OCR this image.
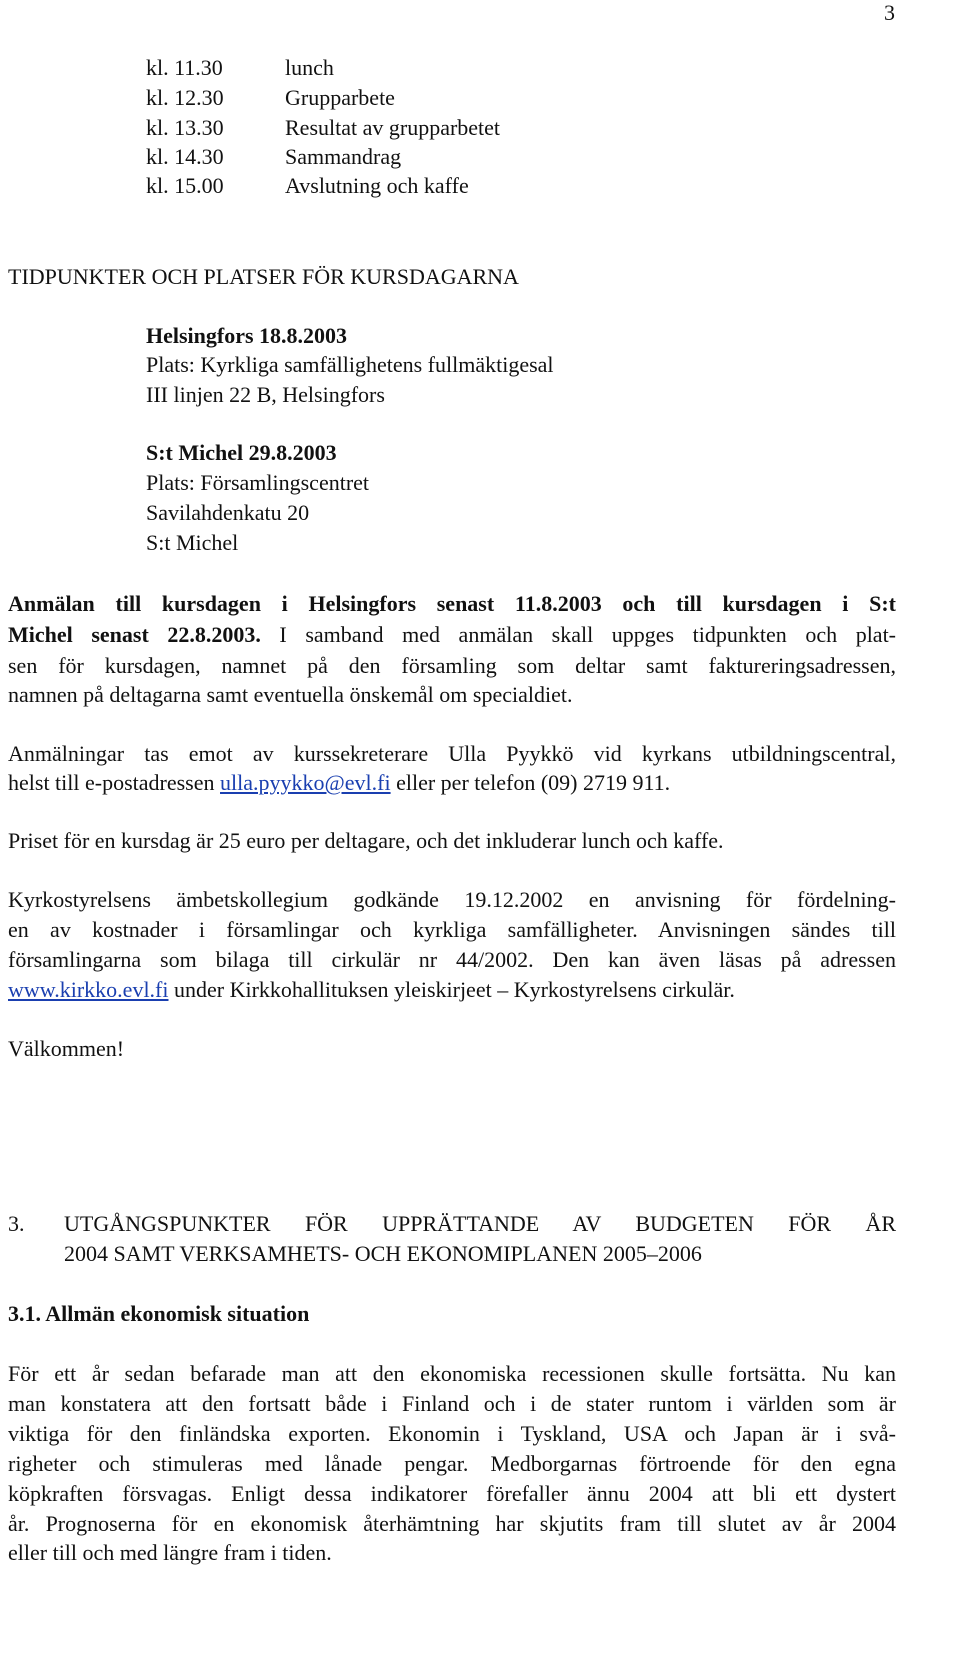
3
kl. 11.30	lunch
kl. 12.30	Grupparbete
kl. 13.30	Resultat av grupparbetet
kl. 14.30	Sammandrag
kl. 15.00	Avslutning och kaffe
TIDPUNKTER OCH PLATSER FÖR KURSDAGARNA
Helsingfors 18.8.2003
Plats: Kyrkliga samfällighetens fullmäktigesal
III linjen 22 B, Helsingfors
S:t Michel 29.8.2003
Plats: Församlingscentret
Savilahdenkatu 20
S:t Michel
Anmälan till kursdagen i Helsingfors senast 11.8.2003 och till kursdagen i S:t
Michel senast 22.8.2003. I samband med anmälan skall uppges tidpunkten och plat-
sen för kursdagen, namnet på den församling som deltar samt faktureringsadressen,
namnen på deltagarna samt eventuella önskemål om specialdiet.
Anmälningar tas emot av kurssekreterare Ulla Pyykkö vid kyrkans utbildningscentral,
helst till e-postadressen ulla.pyykko@evl.fi eller per telefon (09) 2719 911.
Priset för en kursdag är 25 euro per deltagare, och det inkluderar lunch och kaffe.
Kyrkostyrelsens ämbetskollegium godkände 19.12.2002 en anvisning för fördelning-
en av kostnader i församlingar och kyrkliga samfälligheter. Anvisningen sändes till
församlingarna som bilaga till cirkulär nr 44/2002. Den kan även läsas på adressen
www.kirkko.evl.fi under Kirkkohallituksen yleiskirjeet – Kyrkostyrelsens cirkulär.
Välkommen!
3. UTGÅNGSPUNKTER FÖR UPPRÄTTANDE AV BUDGETEN FÖR ÅR
2004 SAMT VERKSAMHETS- OCH EKONOMIPLANEN 2005–2006
3.1. Allmän ekonomisk situation
För ett år sedan befarade man att den ekonomiska recessionen skulle fortsätta. Nu kan
man konstatera att den fortsatt både i Finland och i de stater runtom i världen som är
viktiga för den finländska exporten. Ekonomin i Tyskland, USA och Japan är i svå-
righeter och stimuleras med lånade pengar. Medborgarnas förtroende för den egna
köpkraften försvagas. Enligt dessa indikatorer förefaller ännu 2004 att bli ett dystert
år. Prognoserna för en ekonomisk återhämtning har skjutits fram till slutet av år 2004
eller till och med längre fram i tiden.
